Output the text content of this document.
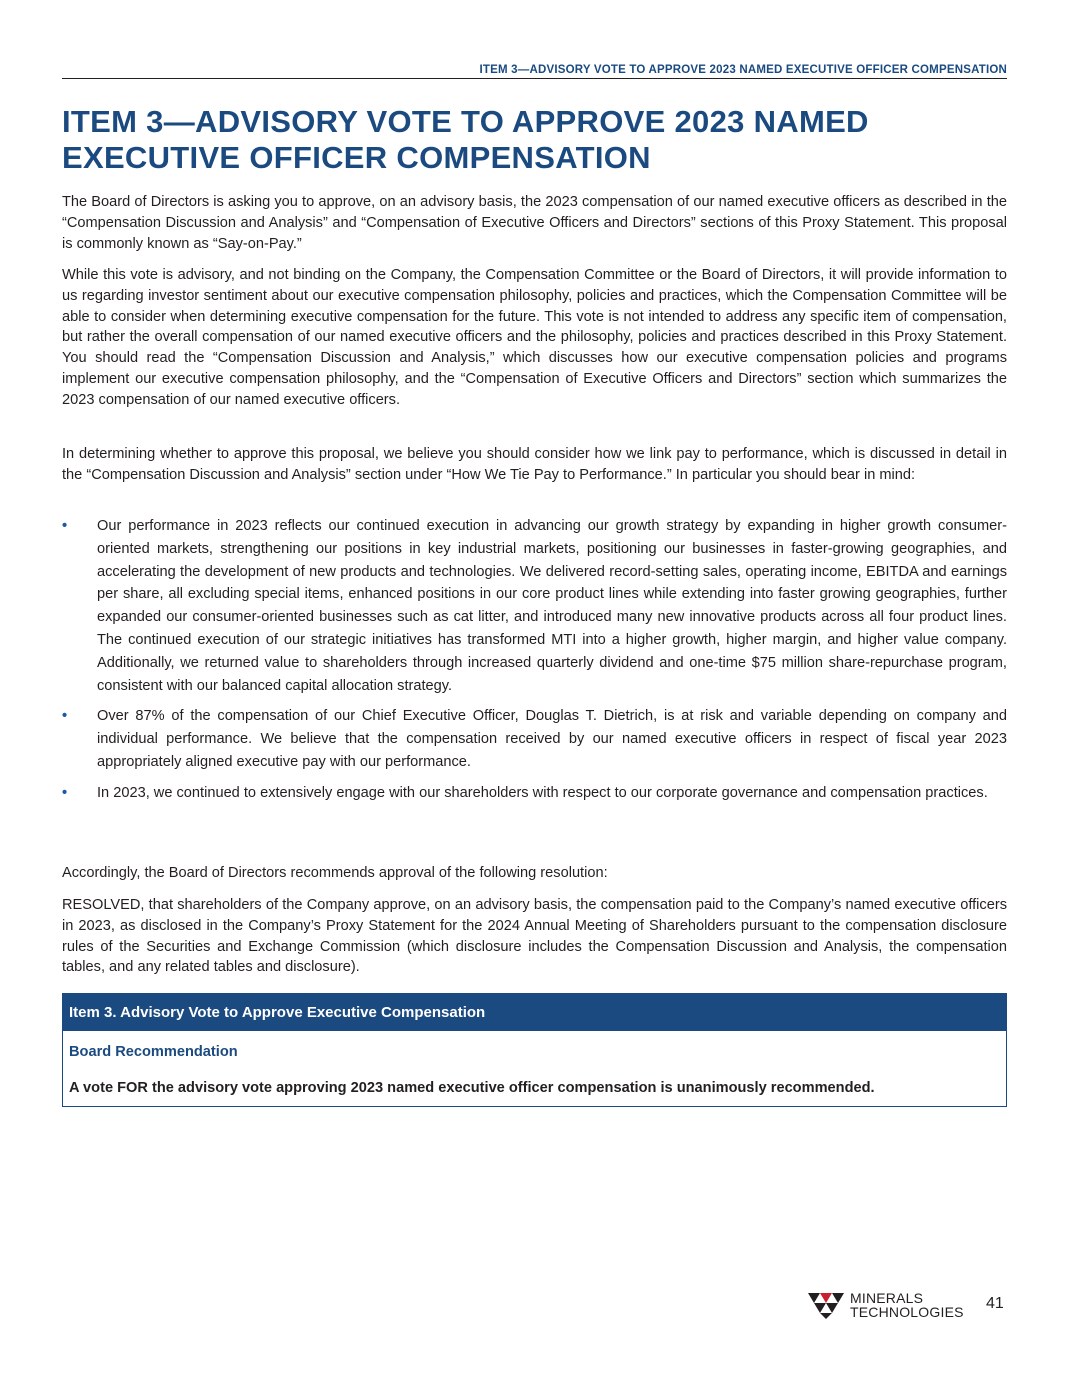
ITEM 3—ADVISORY VOTE TO APPROVE 2023 NAMED EXECUTIVE OFFICER COMPENSATION
ITEM 3—ADVISORY VOTE TO APPROVE 2023 NAMED
EXECUTIVE OFFICER COMPENSATION

The Board of Directors is asking you to approve, on an advisory basis, the 2023 compensation of our named executive officers as described in the “Compensation Discussion and Analysis” and “Compensation of Executive Officers and Directors” sections of this Proxy Statement. This proposal is commonly known as “Say-on-Pay.”

While this vote is advisory, and not binding on the Company, the Compensation Committee or the Board of Directors, it will provide information to us regarding investor sentiment about our executive compensation philosophy, policies and practices, which the Compensation Committee will be able to consider when determining executive compensation for the future. This vote is not intended to address any specific item of compensation, but rather the overall compensation of our named executive officers and the philosophy, policies and practices described in this Proxy Statement. You should read the “Compensation Discussion and Analysis,” which discusses how our executive compensation policies and programs implement our executive compensation philosophy, and the “Compensation of Executive Officers and Directors” section which summarizes the 2023 compensation of our named executive officers.

In determining whether to approve this proposal, we believe you should consider how we link pay to performance, which is discussed in detail in the “Compensation Discussion and Analysis” section under “How We Tie Pay to Performance.” In particular you should bear in mind:

• Our performance in 2023 reflects our continued execution in advancing our growth strategy by expanding in higher growth consumer-oriented markets, strengthening our positions in key industrial markets, positioning our businesses in faster-growing geographies, and accelerating the development of new products and technologies. We delivered record-setting sales, operating income, EBITDA and earnings per share, all excluding special items, enhanced positions in our core product lines while extending into faster growing geographies, further expanded our consumer-oriented businesses such as cat litter, and introduced many new innovative products across all four product lines. The continued execution of our strategic initiatives has transformed MTI into a higher growth, higher margin, and higher value company. Additionally, we returned value to shareholders through increased quarterly dividend and one-time $75 million share-repurchase program, consistent with our balanced capital allocation strategy.
• Over 87% of the compensation of our Chief Executive Officer, Douglas T. Dietrich, is at risk and variable depending on company and individual performance. We believe that the compensation received by our named executive officers in respect of fiscal year 2023 appropriately aligned executive pay with our performance.
• In 2023, we continued to extensively engage with our shareholders with respect to our corporate governance and compensation practices.

Accordingly, the Board of Directors recommends approval of the following resolution:

RESOLVED, that shareholders of the Company approve, on an advisory basis, the compensation paid to the Company’s named executive officers in 2023, as disclosed in the Company’s Proxy Statement for the 2024 Annual Meeting of Shareholders pursuant to the compensation disclosure rules of the Securities and Exchange Commission (which disclosure includes the Compensation Discussion and Analysis, the compensation tables, and any related tables and disclosure).

Item 3. Advisory Vote to Approve Executive Compensation
Board Recommendation
A vote FOR the advisory vote approving 2023 named executive officer compensation is unanimously recommended.
MINERALS
TECHNOLOGIES 41
